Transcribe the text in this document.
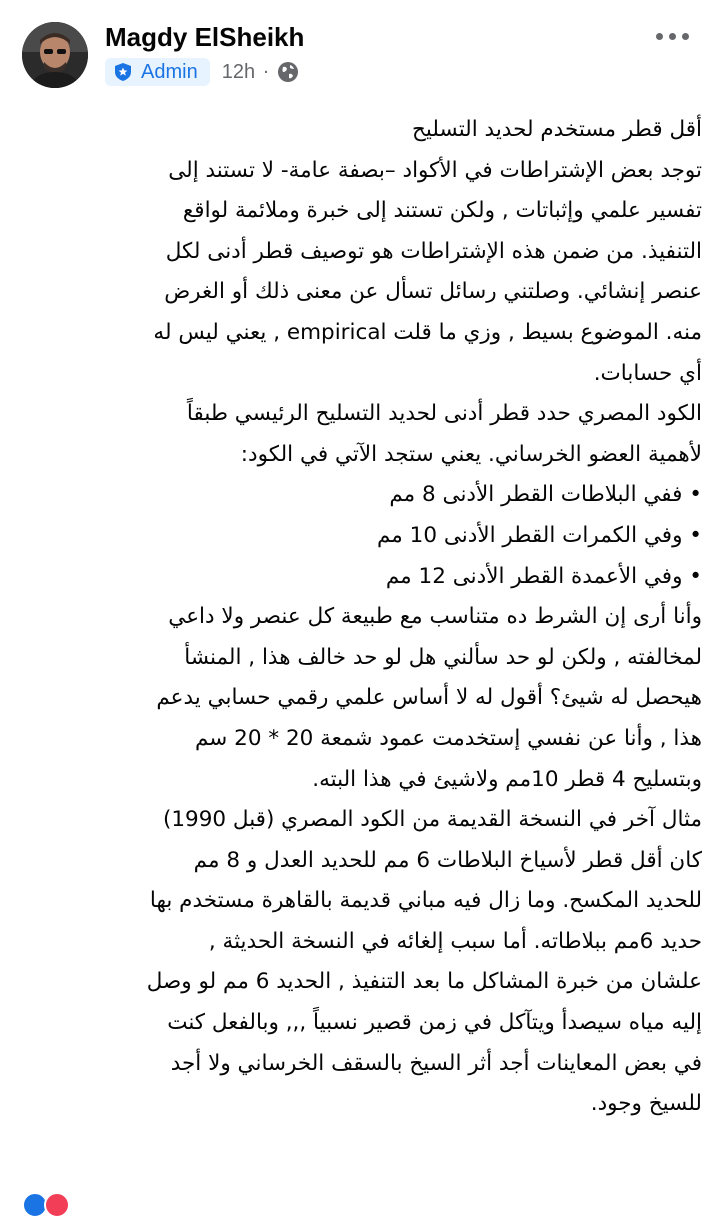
Magdy ElSheikh
Admin 12h ·
أقل قطر مستخدم لحديد التسليح
توجد بعض الإشتراطات في الأكواد –بصفة عامة- لا تستند إلى
تفسير علمي وإثباتات , ولكن تستند إلى خبرة وملائمة لواقع
التنفيذ. من ضمن هذه الإشتراطات هو توصيف قطر أدنى لكل
عنصر إنشائي. وصلتني رسائل تسأل عن معنى ذلك أو الغرض
منه. الموضوع بسيط , وزي ما قلت empirical , يعني ليس له
أي حسابات.
الكود المصري حدد قطر أدنى لحديد التسليح الرئيسي طبقاً
لأهمية العضو الخرساني. يعني ستجد الآتي في الكود:
• ففي البلاطات القطر الأدنى 8 مم
• وفي الكمرات القطر الأدنى 10 مم
• وفي الأعمدة القطر الأدنى 12 مم
وأنا أرى إن الشرط ده متناسب مع طبيعة كل عنصر ولا داعي
لمخالفته , ولكن لو حد سألني هل لو حد خالف هذا , المنشأ
هيحصل له شيئ؟ أقول له لا أساس علمي رقمي حسابي يدعم
هذا , وأنا عن نفسي إستخدمت عمود شمعة 20 * 20 سم
وبتسليح 4 قطر 10مم ولاشيئ في هذا البته.
مثال آخر في النسخة القديمة من الكود المصري (قبل 1990)
كان أقل قطر لأسياخ البلاطات 6 مم للحديد العدل و 8 مم
للحديد المكسح. وما زال فيه مباني قديمة بالقاهرة مستخدم بها
حديد 6مم ببلاطاته. أما سبب إلغائه في النسخة الحديثة ,
علشان من خبرة المشاكل ما بعد التنفيذ , الحديد 6 مم لو وصل
إليه مياه سيصدأ ويتآكل في زمن قصير نسبياً ,,, وبالفعل كنت
في بعض المعاينات أجد أثر السيخ بالسقف الخرساني ولا أجد
للسيخ وجود.
